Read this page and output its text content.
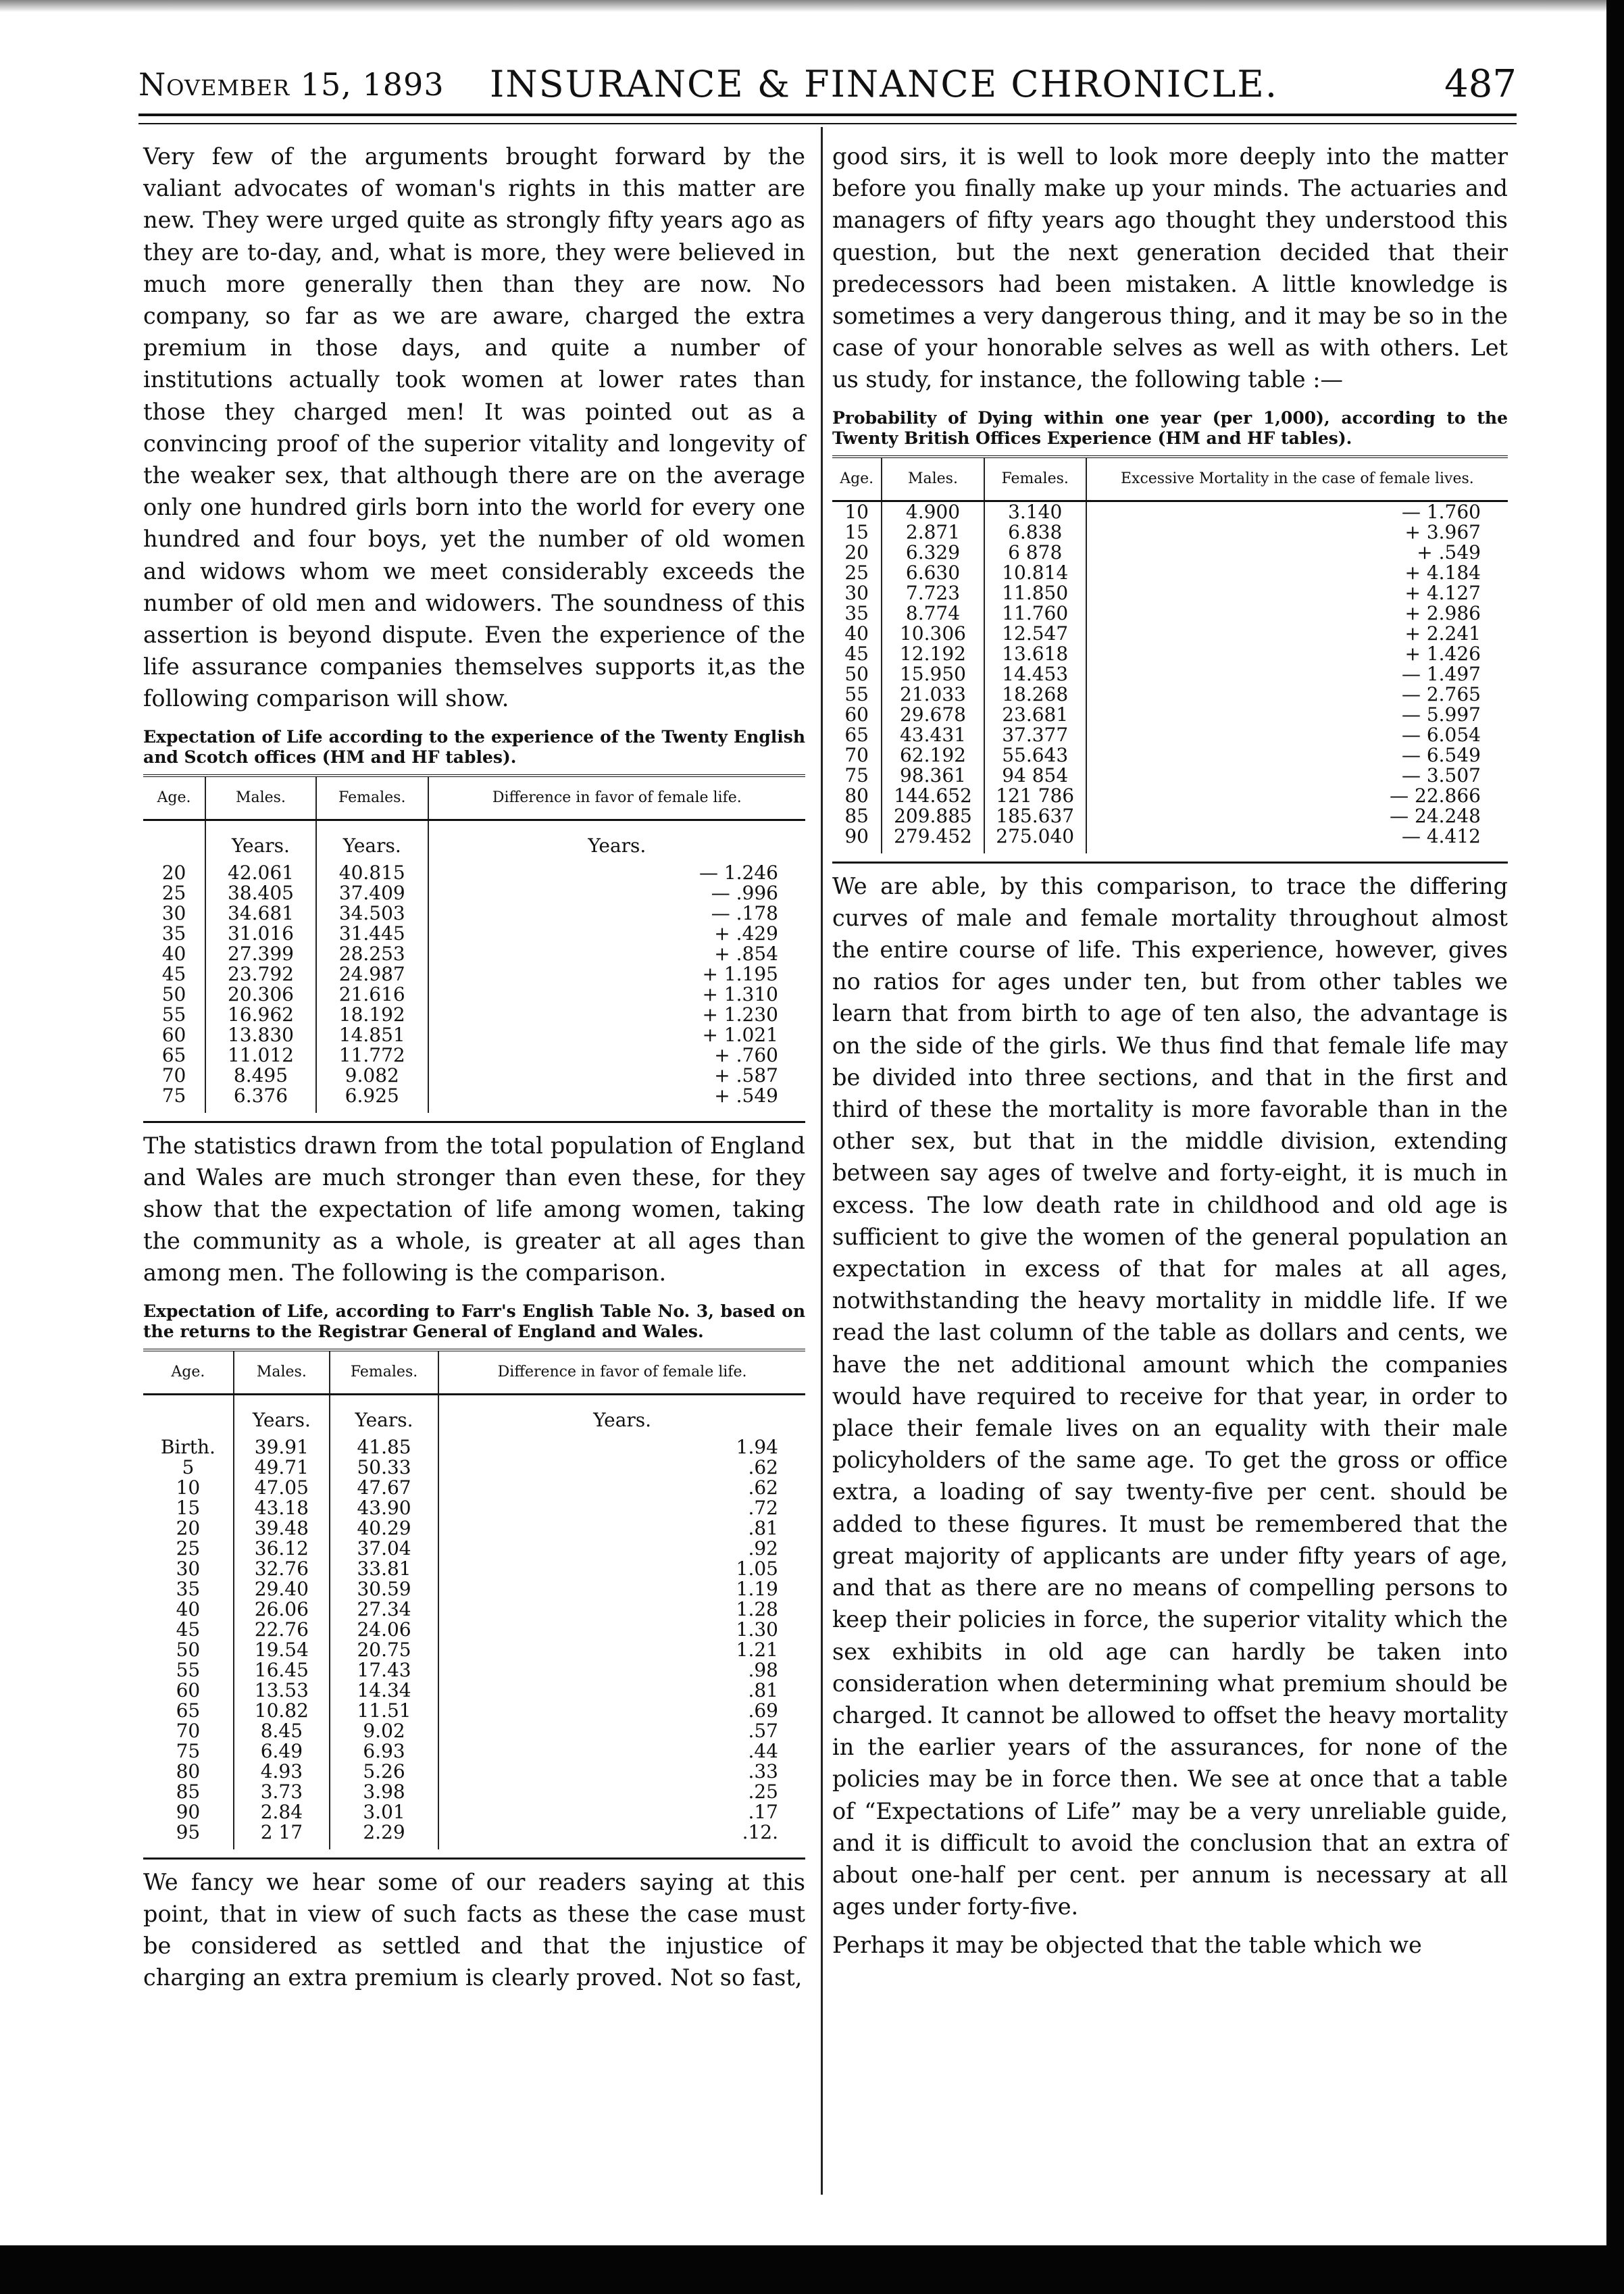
November 15, 1893 INSURANCE & FINANCE CHRONICLE.	487

Very few of the arguments brought forward by the valiant advocates of woman's rights in this matter are new. They were urged quite as strongly fifty years ago as they are to-day, and, what is more, they were believed in much more generally then than they are now. No company, so far as we are aware, charged the extra premium in those days, and quite a number of institutions actually took women at lower rates than those they charged men! It was pointed out as a convincing proof of the superior vitality and longevity of the weaker sex, that although there are on the average only one hundred girls born into the world for every one hundred and four boys, yet the number of old women and widows whom we meet considerably exceeds the number of old men and widowers. The soundness of this assertion is beyond dispute. Even the experience of the life assurance companies themselves supports it,as the following comparison will show.

Expectation of Life according to the experience of the Twenty English and Scotch offices (HM and HF tables).
Age.	Males.	Females.	Difference in favor of female life.
	Years.	Years.	Years.
20	42.061	40.815	— 1.246
25	38.405	37.409	— .996
30	34.681	34.503	— .178
35	31.016	31.445	+ .429
40	27.399	28.253	+ .854
45	23.792	24.987	+ 1.195
50	20.306	21.616	+ 1.310
55	16.962	18.192	+ 1.230
60	13.830	14.851	+ 1.021
65	11.012	11.772	+ .760
70	8.495	9.082	+ .587
75	6.376	6.925	+ .549

The statistics drawn from the total population of England and Wales are much stronger than even these, for they show that the expectation of life among women, taking the community as a whole, is greater at all ages than among men. The following is the comparison.

Expectation of Life, according to Farr's English Table No. 3, based on the returns to the Registrar General of England and Wales.
Age.	Males.	Females.	Difference in favor of female life.
	Years.	Years.	Years.
Birth.	39.91	41.85	1.94
5	49.71	50.33	.62
10	47.05	47.67	.62
15	43.18	43.90	.72
20	39.48	40.29	.81
25	36.12	37.04	.92
30	32.76	33.81	1.05
35	29.40	30.59	1.19
40	26.06	27.34	1.28
45	22.76	24.06	1.30
50	19.54	20.75	1.21
55	16.45	17.43	.98
60	13.53	14.34	.81
65	10.82	11.51	.69
70	8.45	9.02	.57
75	6.49	6.93	.44
80	4.93	5.26	.33
85	3.73	3.98	.25
90	2.84	3.01	.17
95	2 17	2.29	.12.

We fancy we hear some of our readers saying at this point, that in view of such facts as these the case must be considered as settled and that the injustice of charging an extra premium is clearly proved. Not so fast,

good sirs, it is well to look more deeply into the matter before you finally make up your minds. The actuaries and managers of fifty years ago thought they understood this question, but the next generation decided that their predecessors had been mistaken. A little knowledge is sometimes a very dangerous thing, and it may be so in the case of your honorable selves as well as with others. Let us study, for instance, the following table :—

Probability of Dying within one year (per 1,000), according to the Twenty British Offices Experience (HM and HF tables).
Age.	Males.	Females.	Excessive Mortality in the case of female lives.
10	4.900	3.140	— 1.760
15	2.871	6.838	+ 3.967
20	6.329	6 878	+ .549
25	6.630	10.814	+ 4.184
30	7.723	11.850	+ 4.127
35	8.774	11.760	+ 2.986
40	10.306	12.547	+ 2.241
45	12.192	13.618	+ 1.426
50	15.950	14.453	— 1.497
55	21.033	18.268	— 2.765
60	29.678	23.681	— 5.997
65	43.431	37.377	— 6.054
70	62.192	55.643	— 6.549
75	98.361	94 854	— 3.507
80	144.652	121 786	— 22.866
85	209.885	185.637	— 24.248
90	279.452	275.040	— 4.412

We are able, by this comparison, to trace the differing curves of male and female mortality throughout almost the entire course of life. This experience, however, gives no ratios for ages under ten, but from other tables we learn that from birth to age of ten also, the advantage is on the side of the girls. We thus find that female life may be divided into three sections, and that in the first and third of these the mortality is more favorable than in the other sex, but that in the middle division, extending between say ages of twelve and forty-eight, it is much in excess. The low death rate in childhood and old age is sufficient to give the women of the general population an expectation in excess of that for males at all ages, notwithstanding the heavy mortality in middle life. If we read the last column of the table as dollars and cents, we have the net additional amount which the companies would have required to receive for that year, in order to place their female lives on an equality with their male policyholders of the same age. To get the gross or office extra, a loading of say twenty-five per cent. should be added to these figures. It must be remembered that the great majority of applicants are under fifty years of age, and that as there are no means of compelling persons to keep their policies in force, the superior vitality which the sex exhibits in old age can hardly be taken into consideration when determining what premium should be charged. It cannot be allowed to offset the heavy mortality in the earlier years of the assurances, for none of the policies may be in force then. We see at once that a table of “Expectations of Life” may be a very unreliable guide, and it is difficult to avoid the conclusion that an extra of about one-half per cent. per annum is necessary at all ages under forty-five.

Perhaps it may be objected that the table which we
